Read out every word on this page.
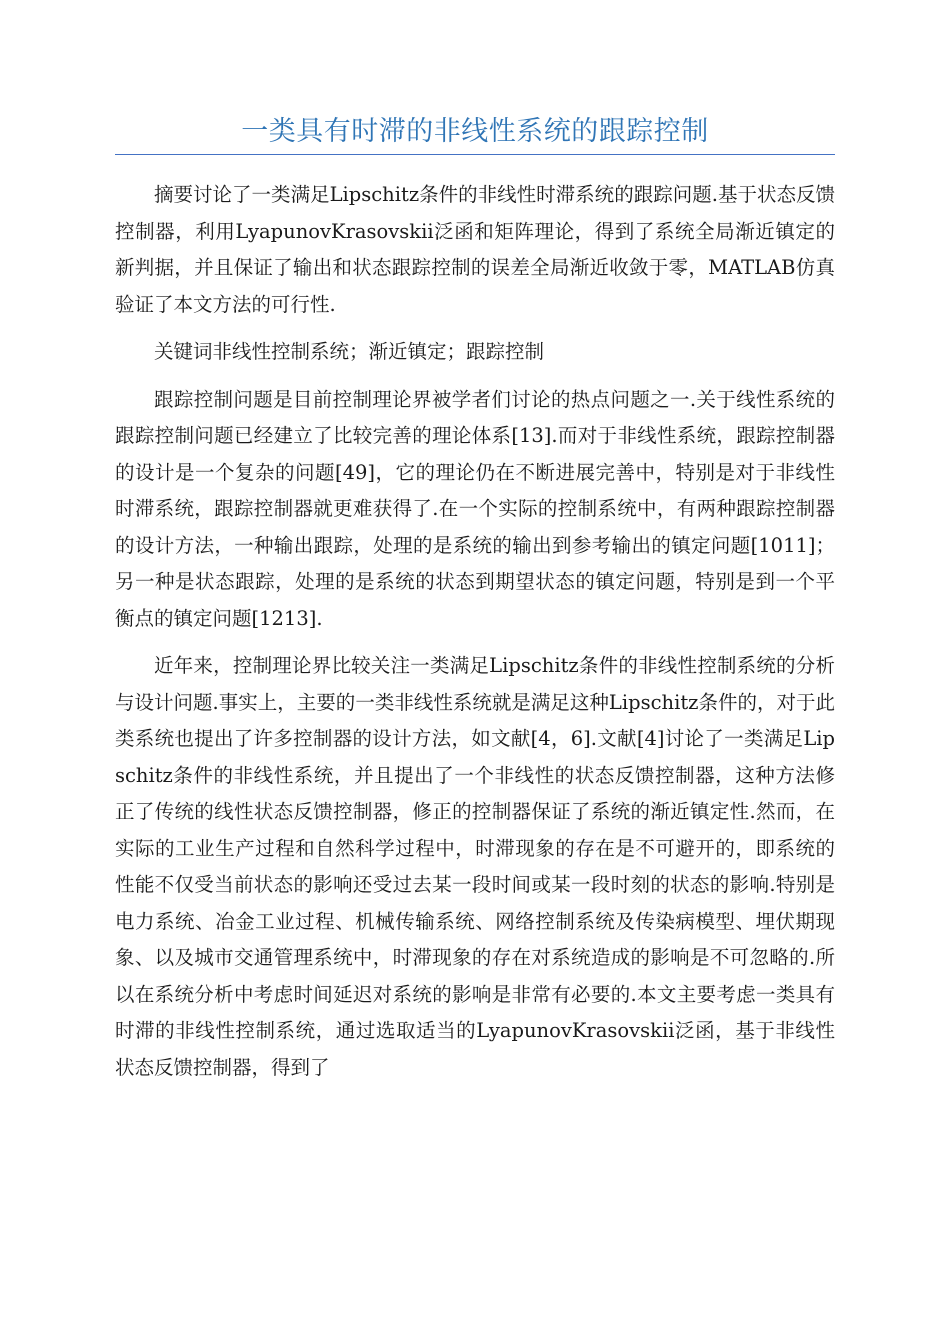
一类具有时滞的非线性系统的跟踪控制

摘要讨论了一类满足Lipschitz条件的非线性时滞系统的跟踪问题.基于状态反馈控制器，利用LyapunovKrasovskii泛函和矩阵理论，得到了系统全局渐近镇定的新判据，并且保证了输出和状态跟踪控制的误差全局渐近收敛于零，MATLAB仿真验证了本文方法的可行性.

关键词非线性控制系统；渐近镇定；跟踪控制

跟踪控制问题是目前控制理论界被学者们讨论的热点问题之一.关于线性系统的跟踪控制问题已经建立了比较完善的理论体系[13].而对于非线性系统，跟踪控制器的设计是一个复杂的问题[49]，它的理论仍在不断进展完善中，特别是对于非线性时滞系统，跟踪控制器就更难获得了.在一个实际的控制系统中，有两种跟踪控制器的设计方法，一种输出跟踪，处理的是系统的输出到参考输出的镇定问题[1011]；另一种是状态跟踪，处理的是系统的状态到期望状态的镇定问题，特别是到一个平衡点的镇定问题[1213].

近年来，控制理论界比较关注一类满足Lipschitz条件的非线性控制系统的分析与设计问题.事实上，主要的一类非线性系统就是满足这种Lipschitz条件的，对于此类系统也提出了许多控制器的设计方法，如文献[4，6].文献[4]讨论了一类满足Lipschitz条件的非线性系统，并且提出了一个非线性的状态反馈控制器，这种方法修正了传统的线性状态反馈控制器，修正的控制器保证了系统的渐近镇定性.然而，在实际的工业生产过程和自然科学过程中，时滞现象的存在是不可避开的，即系统的性能不仅受当前状态的影响还受过去某一段时间或某一段时刻的状态的影响.特别是电力系统、冶金工业过程、机械传输系统、网络控制系统及传染病模型、埋伏期现象、以及城市交通管理系统中，时滞现象的存在对系统造成的影响是不可忽略的.所以在系统分析中考虑时间延迟对系统的影响是非常有必要的.本文主要考虑一类具有时滞的非线性控制系统，通过选取适当的LyapunovKrasovskii泛函，基于非线性状态反馈控制器，得到了
